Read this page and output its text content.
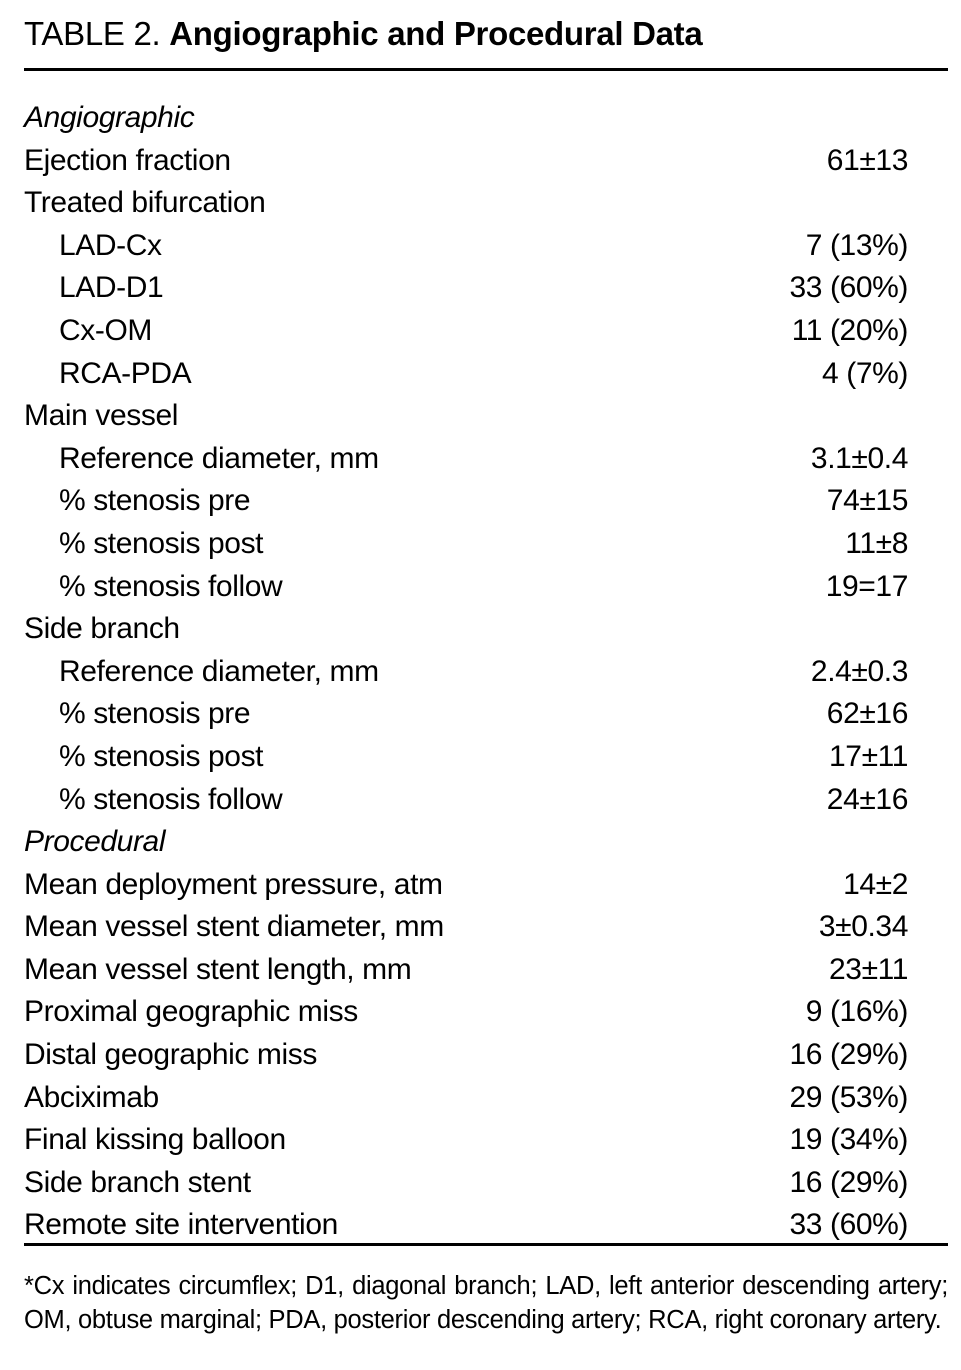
TABLE 2. Angiographic and Procedural Data
Angiographic
Ejection fraction	61±13
Treated bifurcation
LAD-Cx	7 (13%)
LAD-D1	33 (60%)
Cx-OM	11 (20%)
RCA-PDA	4 (7%)
Main vessel
Reference diameter, mm	3.1±0.4
% stenosis pre	74±15
% stenosis post	11±8
% stenosis follow	19=17
Side branch
Reference diameter, mm	2.4±0.3
% stenosis pre	62±16
% stenosis post	17±11
% stenosis follow	24±16
Procedural
Mean deployment pressure, atm	14±2
Mean vessel stent diameter, mm	3±0.34
Mean vessel stent length, mm	23±11
Proximal geographic miss	9 (16%)
Distal geographic miss	16 (29%)
Abciximab	29 (53%)
Final kissing balloon	19 (34%)
Side branch stent	16 (29%)
Remote site intervention	33 (60%)
*Cx indicates circumflex; D1, diagonal branch; LAD, left anterior descending artery; OM, obtuse marginal; PDA, posterior descending artery; RCA, right coronary artery.
